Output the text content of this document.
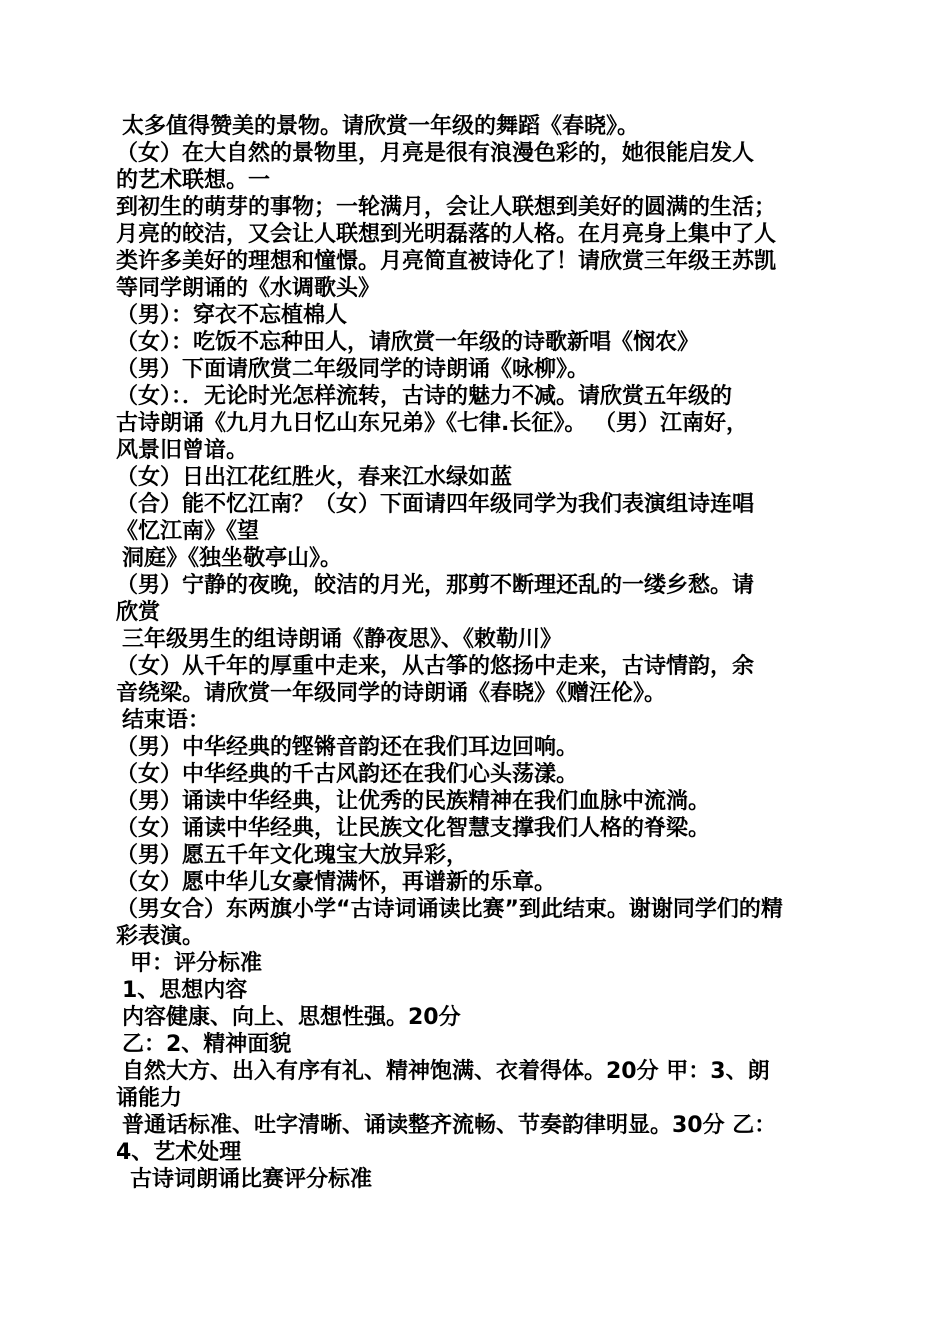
太多值得赞美的景物。请欣赏一年级的舞蹈《春晓》。
（女）在大自然的景物里，月亮是很有浪漫色彩的，她很能启发人
的艺术联想。一
到初生的萌芽的事物；一轮满月，会让人联想到美好的圆满的生活；
月亮的皎洁，又会让人联想到光明磊落的人格。在月亮身上集中了人
类许多美好的理想和憧憬。月亮简直被诗化了！请欣赏三年级王苏凯
等同学朗诵的《水调歌头》
（男）：穿衣不忘植棉人
（女）：吃饭不忘种田人，请欣赏一年级的诗歌新唱《悯农》
（男）下面请欣赏二年级同学的诗朗诵《咏柳》。
（女）：．无论时光怎样流转，古诗的魅力不减。请欣赏五年级的
古诗朗诵《九月九日忆山东兄弟》《七律.长征》。 （男）江南好，
风景旧曾谙。
（女）日出江花红胜火，春来江水绿如蓝
（合）能不忆江南？（女）下面请四年级同学为我们表演组诗连唱
《忆江南》《望
洞庭》《独坐敬亭山》。
（男）宁静的夜晚，皎洁的月光，那剪不断理还乱的一缕乡愁。请
欣赏
三年级男生的组诗朗诵《静夜思》、《敕勒川》
（女）从千年的厚重中走来，从古筝的悠扬中走来，古诗情韵，余
音绕梁。请欣赏一年级同学的诗朗诵《春晓》《赠汪伦》。
结束语：
（男）中华经典的铿锵音韵还在我们耳边回响。
（女）中华经典的千古风韵还在我们心头荡漾。
（男）诵读中华经典，让优秀的民族精神在我们血脉中流淌。
（女）诵读中华经典，让民族文化智慧支撑我们人格的脊梁。
（男）愿五千年文化瑰宝大放异彩，
（女）愿中华儿女豪情满怀，再谱新的乐章。
（男女合）东两旗小学“古诗词诵读比赛”到此结束。谢谢同学们的精
彩表演。
甲：评分标准
1、思想内容
内容健康、向上、思想性强。20分
乙：2、精神面貌
自然大方、出入有序有礼、精神饱满、衣着得体。20分 甲：3、朗
诵能力
普通话标准、吐字清晰、诵读整齐流畅、节奏韵律明显。30分 乙：
4、艺术处理
古诗词朗诵比赛评分标准
